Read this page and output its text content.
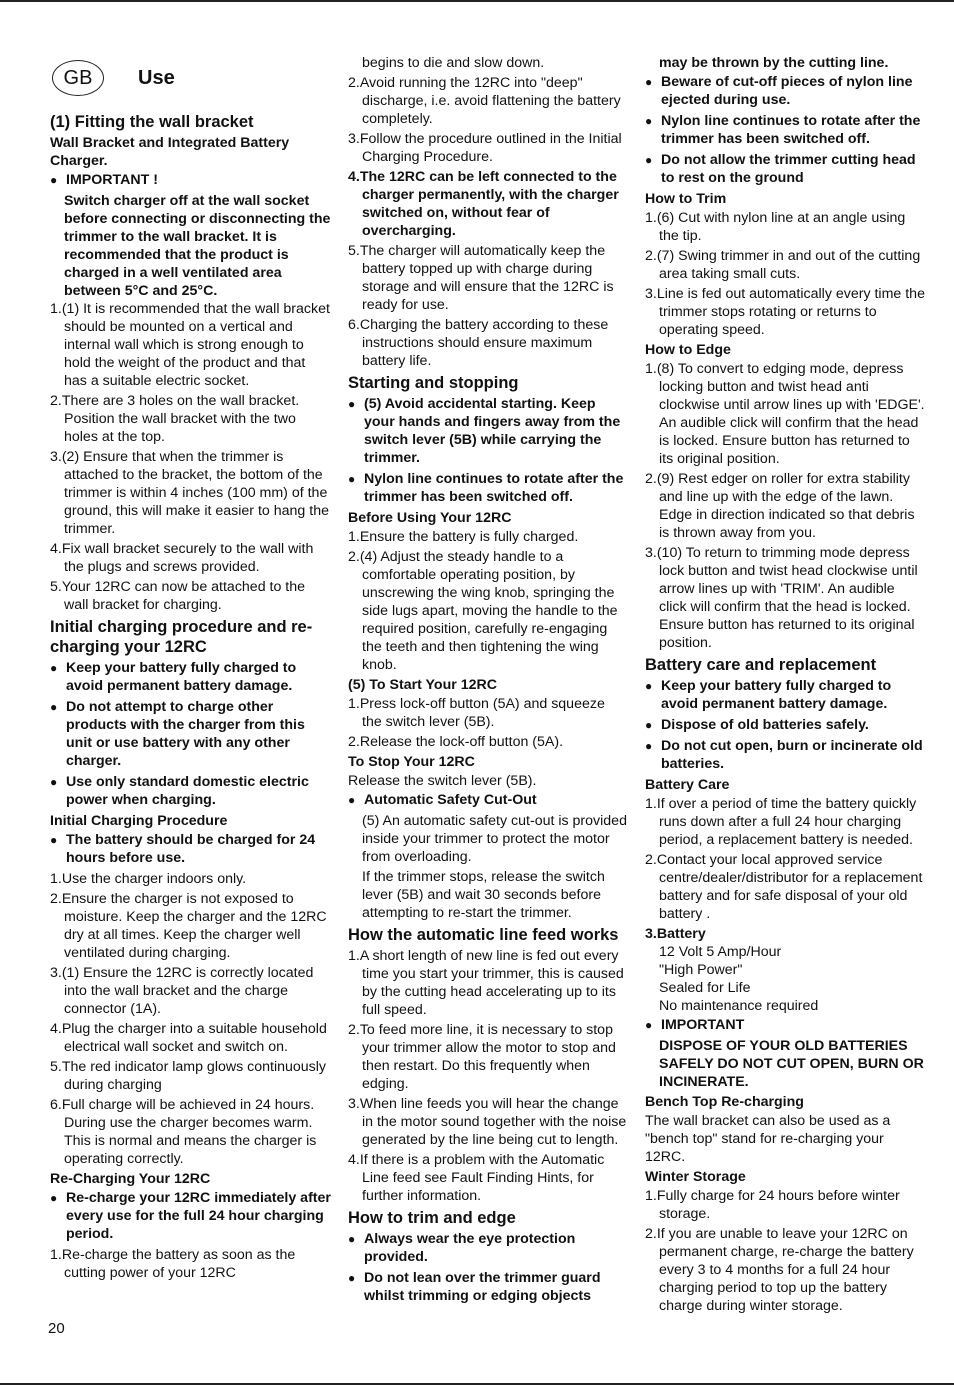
GB	Use
(1) Fitting the wall bracket

Wall Bracket and Integrated Battery Charger.

● IMPORTANT !

Switch charger off at the wall socket before connecting or disconnecting the trimmer to the wall bracket. It is recommended that the product is charged in a well ventilated area between 5°C and 25°C.

1.(1) It is recommended that the wall bracket should be mounted on a vertical and internal wall which is strong enough to hold the weight of the product and that has a suitable electric socket.

2.There are 3 holes on the wall bracket. Position the wall bracket with the two holes at the top.

3.(2) Ensure that when the trimmer is attached to the bracket, the bottom of the trimmer is within 4 inches (100 mm) of the ground, this will make it easier to hang the trimmer.

4.Fix wall bracket securely to the wall with the plugs and screws provided.

5.Your 12RC can now be attached to the wall bracket for charging.

Initial charging procedure and re-charging your 12RC

● Keep your battery fully charged to avoid permanent battery damage.

● Do not attempt to charge other products with the charger from this unit or use battery with any other charger.

● Use only standard domestic electric power when charging.

Initial Charging Procedure

● The battery should be charged for 24 hours before use.

1.Use the charger indoors only.

2.Ensure the charger is not exposed to moisture. Keep the charger and the 12RC dry at all times. Keep the charger well ventilated during charging.

3.(1) Ensure the 12RC is correctly located into the wall bracket and the charge connector (1A).

4.Plug the charger into a suitable household electrical wall socket and switch on.

5.The red indicator lamp glows continuously during charging

6.Full charge will be achieved in 24 hours. During use the charger becomes warm. This is normal and means the charger is operating correctly.

Re-Charging Your 12RC

● Re-charge your 12RC immediately after every use for the full 24 hour charging period.

1.Re-charge the battery as soon as the cutting power of your 12RC

begins to die and slow down.

2.Avoid running the 12RC into "deep" discharge, i.e. avoid flattening the battery completely.

3.Follow the procedure outlined in the Initial Charging Procedure.

4.The 12RC can be left connected to the charger permanently, with the charger switched on, without fear of overcharging.

5.The charger will automatically keep the battery topped up with charge during storage and will ensure that the 12RC is ready for use.

6.Charging the battery according to these instructions should ensure maximum battery life.

Starting and stopping

● (5) Avoid accidental starting. Keep your hands and fingers away from the switch lever (5B) while carrying the trimmer.

● Nylon line continues to rotate after the trimmer has been switched off.

Before Using Your 12RC

1.Ensure the battery is fully charged.

2.(4) Adjust the steady handle to a comfortable operating position, by unscrewing the wing knob, springing the side lugs apart, moving the handle to the required position, carefully re-engaging the teeth and then tightening the wing knob.

(5) To Start Your 12RC

1.Press lock-off button (5A) and squeeze the switch lever (5B).

2.Release the lock-off button (5A).

To Stop Your 12RC

Release the switch lever (5B).

● Automatic Safety Cut-Out

(5) An automatic safety cut-out is provided inside your trimmer to protect the motor from overloading.

If the trimmer stops, release the switch lever (5B) and wait 30 seconds before attempting to re-start the trimmer.

How the automatic line feed works

1.A short length of new line is fed out every time you start your trimmer, this is caused by the cutting head accelerating up to its full speed.

2.To feed more line, it is necessary to stop your trimmer allow the motor to stop and then restart. Do this frequently when edging.

3.When line feeds you will hear the change in the motor sound together with the noise generated by the line being cut to length.

4.If there is a problem with the Automatic Line feed see Fault Finding Hints, for further information.

How to trim and edge

● Always wear the eye protection provided.

● Do not lean over the trimmer guard whilst trimming or edging objects

may be thrown by the cutting line.

● Beware of cut-off pieces of nylon line ejected during use.

● Nylon line continues to rotate after the trimmer has been switched off.

● Do not allow the trimmer cutting head to rest on the ground

How to Trim

1.(6) Cut with nylon line at an angle using the tip.

2.(7) Swing trimmer in and out of the cutting area taking small cuts.

3.Line is fed out automatically every time the trimmer stops rotating or returns to operating speed.

How to Edge

1.(8) To convert to edging mode, depress locking button and twist head anti clockwise until arrow lines up with 'EDGE'. An audible click will confirm that the head is locked. Ensure button has returned to its original position.

2.(9) Rest edger on roller for extra stability and line up with the edge of the lawn. Edge in direction indicated so that debris is thrown away from you.

3.(10) To return to trimming mode depress lock button and twist head clockwise until arrow lines up with 'TRIM'. An audible click will confirm that the head is locked. Ensure button has returned to its original position.

Battery care and replacement

● Keep your battery fully charged to avoid permanent battery damage.

● Dispose of old batteries safely.

● Do not cut open, burn or incinerate old batteries.

Battery Care

1.If over a period of time the battery quickly runs down after a full 24 hour charging period, a replacement battery is needed.

2.Contact your local approved service centre/dealer/distributor for a replacement battery and for safe disposal of your old battery .

3.Battery

12 Volt 5 Amp/Hour

"High Power"

Sealed for Life

No maintenance required

● IMPORTANT

DISPOSE OF YOUR OLD BATTERIES SAFELY DO NOT CUT OPEN, BURN OR INCINERATE.

Bench Top Re-charging

The wall bracket can also be used as a "bench top" stand for re-charging your 12RC.

Winter Storage

1.Fully charge for 24 hours before winter storage.

2.If you are unable to leave your 12RC on permanent charge, re-charge the battery every 3 to 4 months for a full 24 hour charging period to top up the battery charge during winter storage.

20
